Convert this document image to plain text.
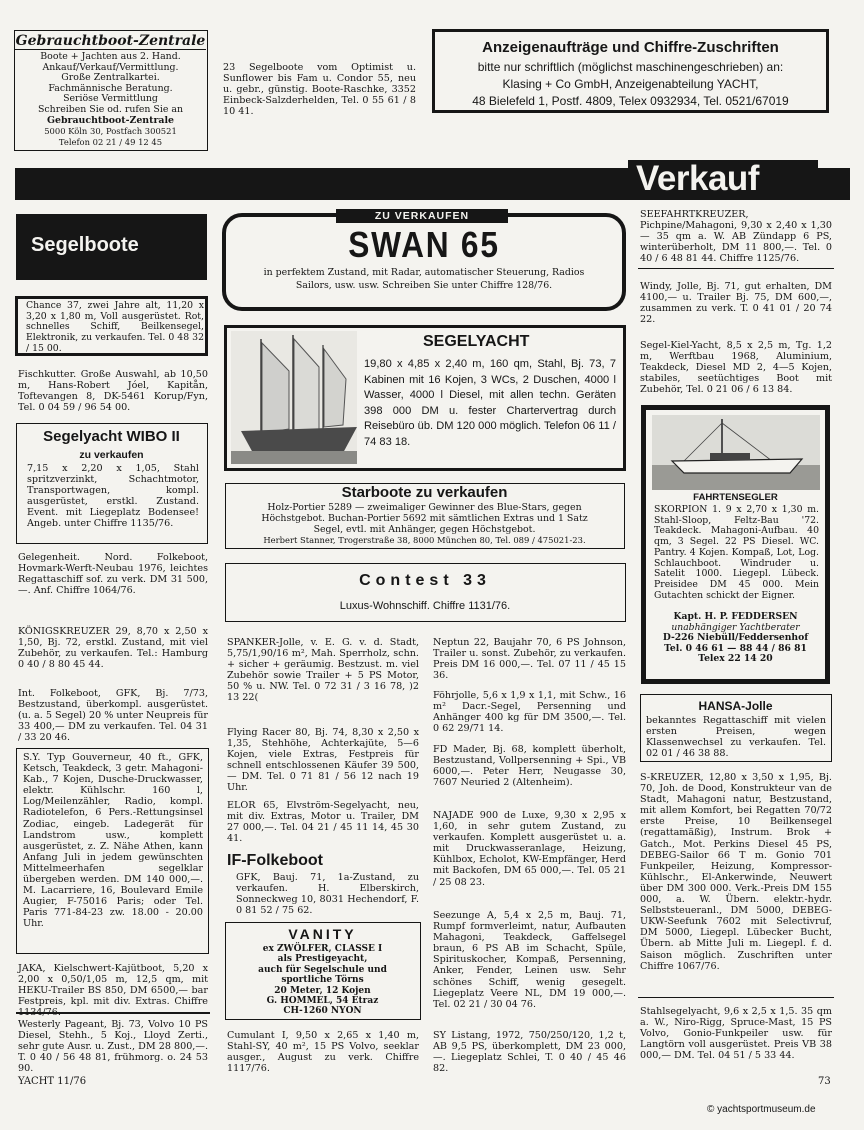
Gebrauchtboot-Zentrale
Boote + Jachten aus 2. Hand.
Ankauf/Verkauf/Vermittlung.
Große Zentralkartei.
Fachmännische Beratung.
Seriöse Vermittlung
Schreiben Sie od. rufen Sie an
Gebrauchtboot-Zentrale
5000 Köln 30, Postfach 300521
Telefon 02 21 / 49 12 45
23 Segelboote vom Optimist u. Sunflower bis Fam u. Condor 55, neu u. gebr., günstig. Boote-Raschke, 3352 Einbeck-Salzderhelden, Tel. 0 55 61 / 8 10 41.
Anzeigenaufträge und Chiffre-Zuschriften
bitte nur schriftlich (möglichst maschinengeschrieben) an:
Klasing + Co GmbH, Anzeigenabteilung YACHT,
48 Bielefeld 1, Postf. 4809, Telex 0932934, Tel. 0521/67019
Verkauf
Segelboote
Chance 37, zwei Jahre alt, 11,20 x 3,20 x 1,80 m, Voll ausgerüstet. Rot, schnelles Schiff, Beilkensegel, Elektronik, zu verkaufen. Tel. 0 48 32 / 15 00.
Fischkutter. Große Auswahl, ab 10,50 m, Hans-Robert Jóel, Kapitån, Toftevangen 8, DK-5461 Korup/Fyn, Tel. 0 04 59 / 96 54 00.
Segelyacht WIBO II
zu verkaufen
7,15 x 2,20 x 1,05, Stahl spritzverzinkt, Schachtmotor, Transportwagen, kompl. ausgerüstet, erstkl. Zustand. Event. mit Liegeplatz Bodensee! Angeb. unter Chiffre 1135/76.
Gelegenheit. Nord. Folkeboot, Hovmark-Werft-Neubau 1976, leichtes Regattaschiff sof. zu verk. DM 31 500,—. Anf. Chiffre 1064/76.
KÖNIGSKREUZER 29, 8,70 x 2,50 x 1,50, Bj. 72, erstkl. Zustand, mit viel Zubehör, zu verkaufen. Tel.: Hamburg 0 40 / 8 80 45 44.
Int. Folkeboot, GFK, Bj. 7/73, Bestzustand, überkompl. ausgerüstet. (u. a. 5 Segel) 20 % unter Neupreis für 33 400,— DM zu verkaufen. Tel. 04 31 / 33 20 46.
S.Y. Typ Gouverneur, 40 ft., GFK, Ketsch, Teakdeck, 3 getr. Mahagoni-Kab., 7 Kojen, Dusche-Druckwasser, elektr. Kühlschr. 160 l, Log/Meilenzähler, Radio, kompl. Radiotelefon, 6 Pers.-Rettungsinsel Zodiac, eingeb. Ladegerät für Landstrom usw., komplett ausgerüstet, z. Z. Nähe Athen, kann Anfang Juli in jedem gewünschten Mittelmeerhafen segelklar übergeben werden. DM 140 000,—. M. Lacarriere, 16, Boulevard Emile Augier, F-75016 Paris; oder Tel. Paris 771-84-23 zw. 18.00 - 20.00 Uhr.
JAKA, Kielschwert-Kajütboot, 5,20 x 2,00 x 0,50/1,05 m, 12,5 qm, mit HEKU-Trailer BS 850, DM 6500,— bar Festpreis, kpl. mit div. Extras. Chiffre
Westerly Pageant, Bj. 73, Volvo 10 PS Diesel, Stehh., 5 Koj., Lloyd Zerti., sehr gute Ausr. u. Zust., DM 28 800,—. T. 0 40 / 56 48 81, frühmorg. o. 24 53 90.
ZU VERKAUFEN
SWAN 65
in perfektem Zustand, mit Radar, automatischer Steuerung, Radios
Sailors, usw. usw. Schreiben Sie unter Chiffre 128/76.
SEGELYACHT
19,80 x 4,85 x 2,40 m, 160 qm, Stahl, Bj. 73, 7 Kabinen mit 16 Kojen, 3 WCs, 2 Duschen, 4000 l Wasser, 4000 l Diesel, mit allen techn. Geräten 398 000 DM u. fester Chartervertrag durch Reisebüro üb. DM 120 000 möglich. Telefon 06 11 / 74 83 18.
Starboote zu verkaufen
Holz-Portier 5289 — zweimaliger Gewinner des Blue-Stars, gegen
Höchstgebot. Buchan-Portier 5692 mit sämtlichen Extras und 1 Satz
Segel, evtl. mit Anhänger, gegen Höchstgebot.
Herbert Stanner, Trogerstraße 38, 8000 München 80, Tel. 089 / 475021-23.
Contest 33
Luxus-Wohnschiff. Chiffre 1131/76.
SPANKER-Jolle, v. E. G. v. d. Stadt, 5,75/1,90/16 m², Mah. Sperrholz, schn. + sicher + geräumig. Bestzust. m. viel Zubehör sowie Trailer + 5 PS Motor, 50 % u. NW. Tel. 0 72 31 / 3 16 78, )2 13 22(
Flying Racer 80, Bj. 74, 8,30 x 2,50 x 1,35, Stehhöhe, Achterkajüte, 5—6 Kojen, viele Extras, Festpreis für schnell entschlossenen Käufer 39 500,— DM. Tel. 0 71 81 / 56 12 nach 19 Uhr.
ELOR 65, Elvström-Segelyacht, neu, mit div. Extras, Motor u. Trailer, DM 27 000,—. Tel. 04 21 / 45 11 14, 45 30 41.
IF-Folkeboot
GFK, Bauj. 71, 1a-Zustand, zu verkaufen. H. Elberskirch, Sonneckweg 10, 8031 Hechendorf, F. 0 81 52 / 75 62.
VANITY
ex ZWÖLFER, CLASSE I
als Prestigeyacht,
auch für Segelschule und
sportliche Törns
20 Meter, 12 Kojen
G. HOMMEL, 54 Etraz
CH-1260 NYON
Cumulant I, 9,50 x 2,65 x 1,40 m, Stahl-SY, 40 m², 15 PS Volvo, seeklar ausger., August zu verk. Chiffre 1117/76.
Neptun 22, Baujahr 70, 6 PS Johnson, Trailer u. sonst. Zubehör, zu verkaufen. Preis DM 16 000,—. Tel. 07 11 / 45 15 36.
Föhrjolle, 5,6 x 1,9 x 1,1, mit Schw., 16 m² Dacr.-Segel, Persenning und Anhänger 400 kg für DM 3500,—. Tel. 0 62 29/71 14.
FD Mader, Bj. 68, komplett überholt, Bestzustand, Vollpersenning + Spi., VB 6000,—. Peter Herr, Neugasse 30, 7607 Neuried 2 (Altenheim).
NAJADE 900 de Luxe, 9,30 x 2,95 x 1,60, in sehr gutem Zustand, zu verkaufen. Komplett ausgerüstet u. a. mit Druckwasseranlage, Heizung, Kühlbox, Echolot, KW-Empfänger, Herd mit Backofen, DM 65 000,—. Tel. 05 21 / 25 08 23.
Seezunge A, 5,4 x 2,5 m, Bauj. 71, Rumpf formverleimt, natur, Aufbauten Mahagoni, Teakdeck, Gaffelsegel braun, 6 PS AB im Schacht, Spüle, Spirituskocher, Kompaß, Persenning, Anker, Fender, Leinen usw. Sehr schönes Schiff, wenig gesegelt. Liegeplatz Veere NL, DM 19 000,—. Tel. 02 21 / 30 04 76.
SY Listang, 1972, 750/250/120, 1,2 t, AB 9,5 PS, überkomplett, DM 23 000,—. Liegeplatz Schlei, T. 0 40 / 45 46 82.
SEEFAHRTKREUZER, Pichpine/Mahagoni, 9,30 x 2,40 x 1,30 — 35 qm a. W. AB Zündapp 6 PS, winterüberholt, DM 11 800,—. Tel. 0 40 / 6 48 81 44. Chiffre 1125/76.
Windy, Jolle, Bj. 71, gut erhalten, DM 4100,— u. Trailer Bj. 75, DM 600,—, zusammen zu verk. T. 0 41 01 / 20 74 22.
Segel-Kiel-Yacht, 8,5 x 2,5 m, Tg. 1,2 m, Werftbau 1968, Aluminium, Teakdeck, Diesel MD 2, 4—5 Kojen, stabiles, seetüchtiges Boot mit Zubehör, Tel. 0 21 06 / 6 13 84.
FAHRTENSEGLER
SKORPION 1. 9 x 2,70 x 1,30 m. Stahl-Sloop, Feltz-Bau '72. Teakdeck. Mahagoni-Aufbau. 40 qm, 3 Segel. 22 PS Diesel. WC. Pantry. 4 Kojen. Kompaß, Lot, Log. Schlauchboot. Windruder u. Satelit 1000. Liegepl. Lübeck. Preisidee DM 45 000. Mein Gutachten schickt der Eigner.
Kapt. H. P. FEDDERSEN
unabhängiger Yachtberater
D-226 Niebüll/Feddersenhof
Tel. 0 46 61 — 88 44 / 86 81
Telex 22 14 20
HANSA-Jolle
bekanntes Regattaschiff mit vielen ersten Preisen, wegen Klassenwechsel zu verkaufen. Tel. 02 01 / 46 38 88.
S-KREUZER, 12,80 x 3,50 x 1,95, Bj. 70, Joh. de Dood, Konstrukteur van de Stadt, Mahagoni natur, Bestzustand, mit allem Komfort, bei Regatten 70/72 erste Preise, 10 Beilkensegel (regattamäßig), Instrum. Brok + Gatch., Mot. Perkins Diesel 45 PS, DEBEG-Sailor 66 T m. Gonio 701 Funkpeiler, Heizung, Kompressor-Kühlschr., El-Ankerwinde, Neuwert über DM 300 000. Verk.-Preis DM 155 000, a. W. Übern. elektr.-hydr. Selbststeueranl., DM 5000, DEBEG-UKW-Seefunk 7602 mit Selectivruf, DM 5000, Liegepl. Lübecker Bucht, Übern. ab Mitte Juli m. Liegepl. f. d. Saison möglich. Zuschriften unter Chiffre 1067/76.
Stahlsegelyacht, 9,6 x 2,5 x 1,5. 35 qm a. W., Niro-Rigg, Spruce-Mast, 15 PS Volvo, Gonio-Funkpeiler usw. für Langtörn voll ausgerüstet. Preis VB 38 000,— DM. Tel. 04 51 / 5 33 44.
YACHT 11/76	73
© yachtsportmuseum.de
